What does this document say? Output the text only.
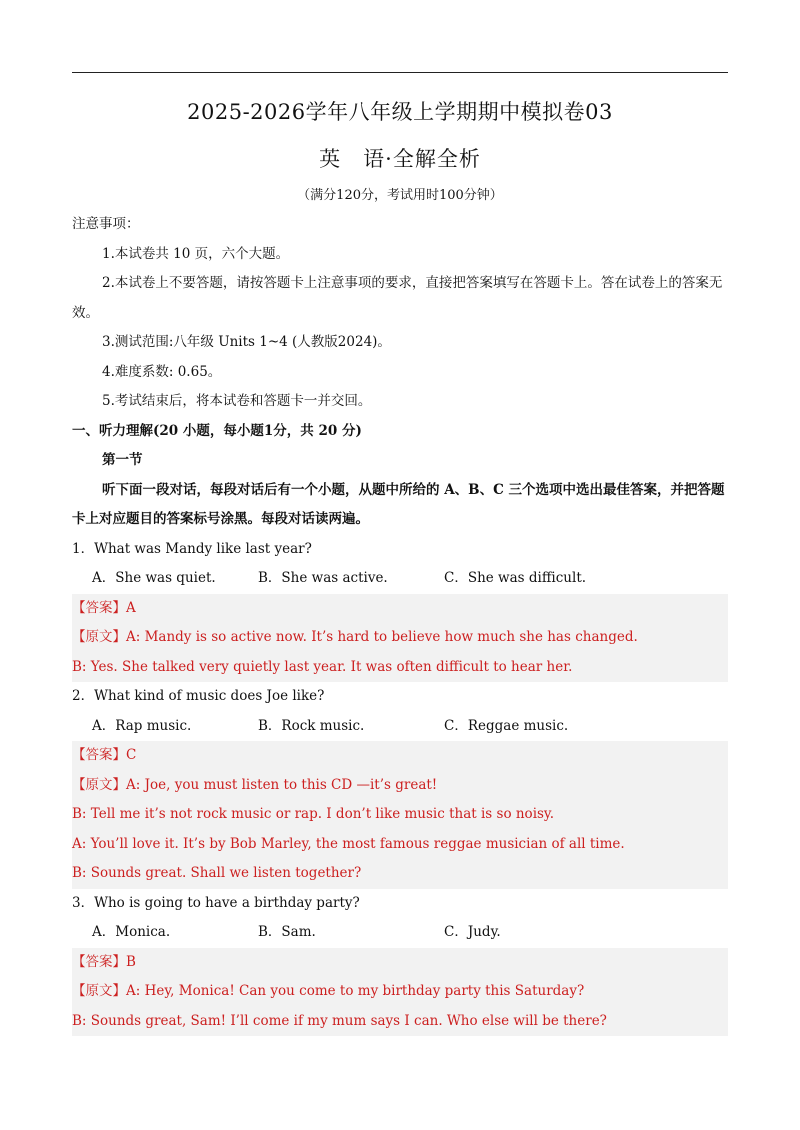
2025-2026学年八年级上学期期中模拟卷03
英　语·全解全析
（满分120分，考试用时100分钟）
注意事项：
1.本试卷共 10 页，六个大题。
2.本试卷上不要答题，请按答题卡上注意事项的要求，直接把答案填写在答题卡上。答在试卷上的答案无效。
3.测试范围:八年级 Units 1~4 (人教版2024)。
4.难度系数: 0.65。
5.考试结束后，将本试卷和答题卡一并交回。
一、听力理解(20 小题，每小题1分，共 20 分)
第一节
听下面一段对话，每段对话后有一个小题，从题中所给的 A、B、C 三个选项中选出最佳答案，并把答题卡上对应题目的答案标号涂黑。每段对话读两遍。
1．What was Mandy like last year?
A．She was quiet.	B．She was active.	C．She was difficult.
【答案】A
【原文】A: Mandy is so active now. It’s hard to believe how much she has changed.
B: Yes. She talked very quietly last year. It was often difficult to hear her.
2．What kind of music does Joe like?
A．Rap music.	B．Rock music.	C．Reggae music.
【答案】C
【原文】A: Joe, you must listen to this CD —it’s great!
B: Tell me it’s not rock music or rap. I don’t like music that is so noisy.
A: You’ll love it. It’s by Bob Marley, the most famous reggae musician of all time.
B: Sounds great. Shall we listen together?
3．Who is going to have a birthday party?
A．Monica.	B．Sam.	C．Judy.
【答案】B
【原文】A: Hey, Monica! Can you come to my birthday party this Saturday?
B: Sounds great, Sam! I’ll come if my mum says I can. Who else will be there?
